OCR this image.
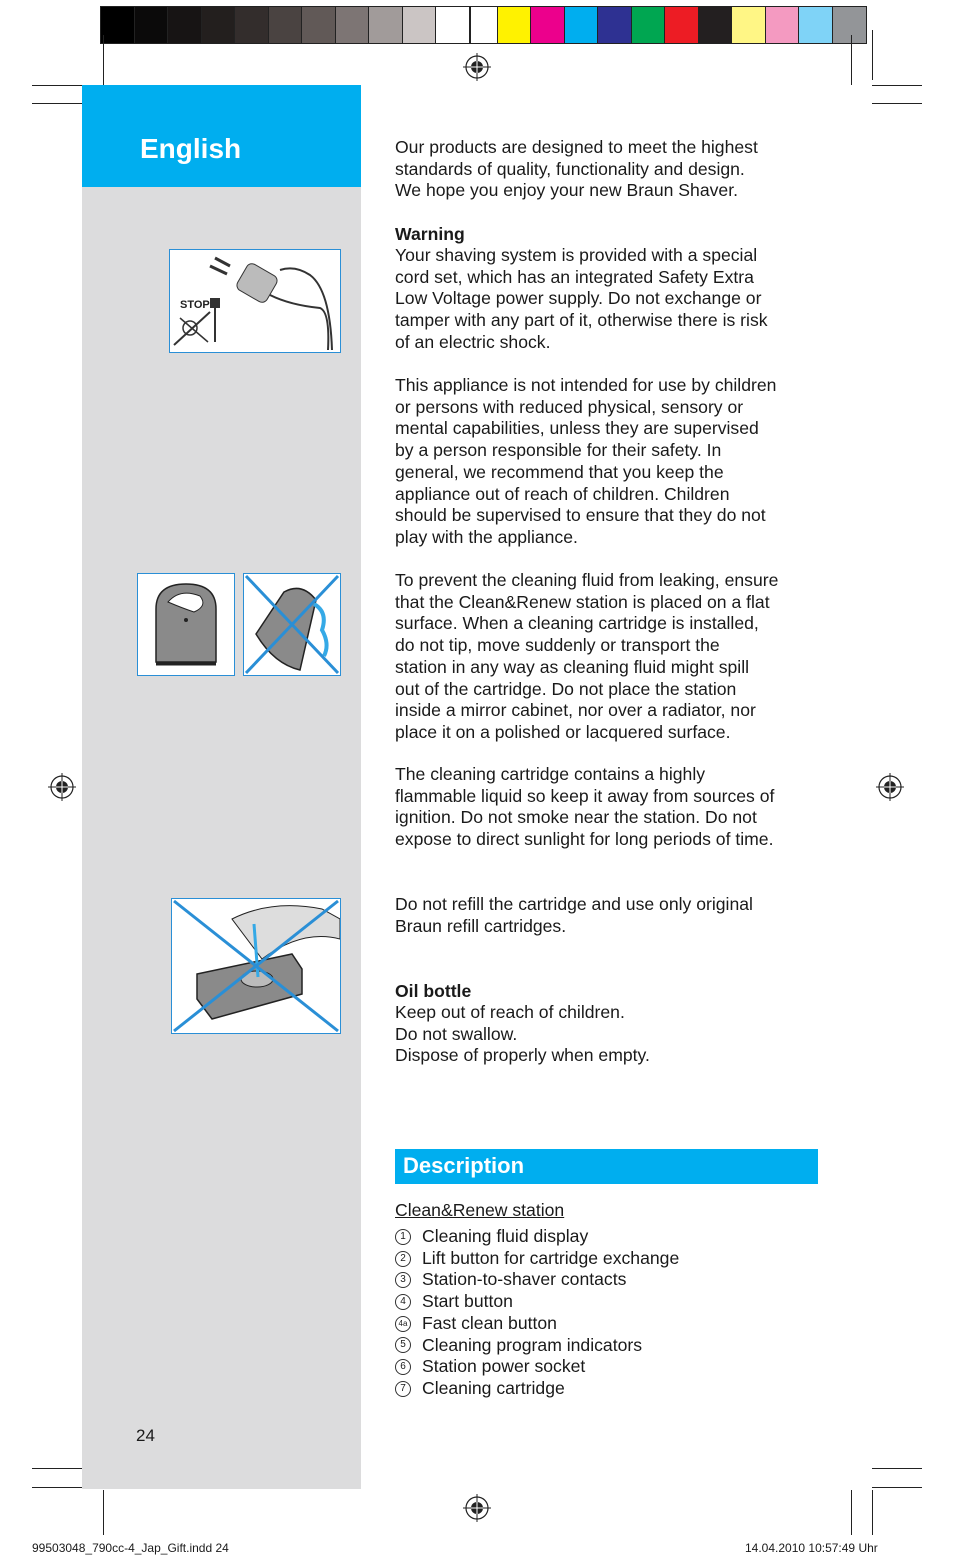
English
STOP
24
Our products are designed to meet the highest
standards of quality, functionality and design.
We hope you enjoy your new Braun Shaver.
Warning
Your shaving system is provided with a special
cord set, which has an integrated Safety Extra
Low Voltage power supply. Do not exchange or
tamper with any part of it, otherwise there is risk
of an electric shock.
This appliance is not intended for use by children
or persons with reduced physical, sensory or
mental capabilities, unless they are supervised
by a person responsible for their safety. In
general, we recommend that you keep the
appliance out of reach of children. Children
should be supervised to ensure that they do not
play with the appliance.
To prevent the cleaning fluid from leaking, ensure
that the Clean&Renew station is placed on a flat
surface. When a cleaning cartridge is installed,
do not tip, move suddenly or transport the
station in any way as cleaning fluid might spill
out of the cartridge. Do not place the station
inside a mirror cabinet, nor over a radiator, nor
place it on a polished or lacquered surface.
The cleaning cartridge contains a highly
flammable liquid so keep it away from sources of
ignition. Do not smoke near the station. Do not
expose to direct sunlight for long periods of time.
Do not refill the cartridge and use only original
Braun refill cartridges.
Oil bottle
Keep out of reach of children.
Do not swallow.
Dispose of properly when empty.
Description
Clean&Renew station
1 Cleaning fluid display
2 Lift button for cartridge exchange
3 Station-to-shaver contacts
4 Start button
4a Fast clean button
5 Cleaning program indicators
6 Station power socket
7 Cleaning cartridge
99503048_790cc-4_Jap_Gift.indd 24	14.04.2010 10:57:49 Uhr
